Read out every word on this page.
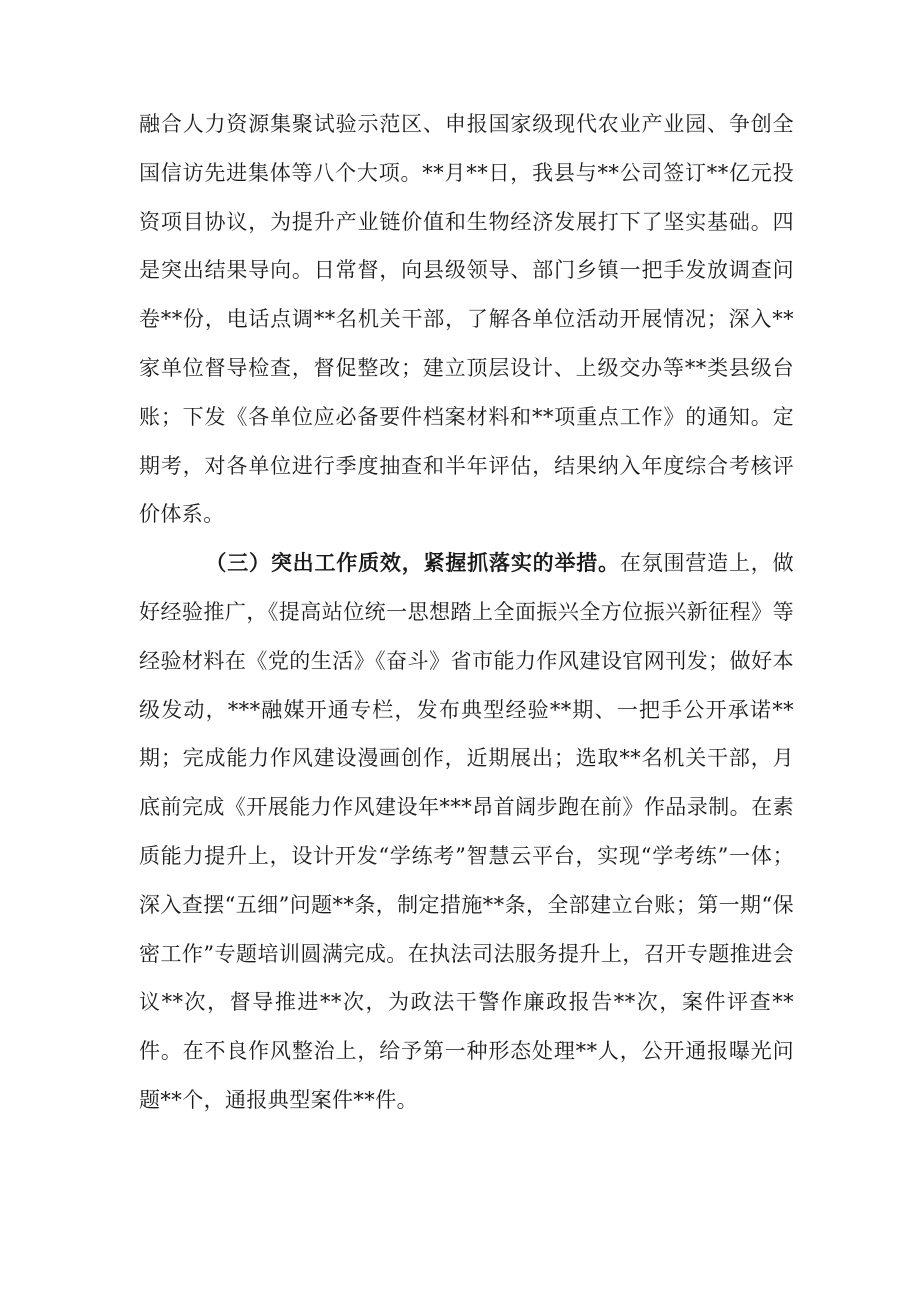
融合人力资源集聚试验示范区、申报国家级现代农业产业园、争创全国信访先进集体等八个大项。**月**日，我县与**公司签订**亿元投资项目协议，为提升产业链价值和生物经济发展打下了坚实基础。四是突出结果导向。日常督，向县级领导、部门乡镇一把手发放调查问卷**份，电话点调**名机关干部，了解各单位活动开展情况；深入**家单位督导检查，督促整改；建立顶层设计、上级交办等**类县级台账；下发《各单位应必备要件档案材料和**项重点工作》的通知。定期考，对各单位进行季度抽查和半年评估，结果纳入年度综合考核评价体系。

（三）突出工作质效，紧握抓落实的举措。在氛围营造上，做好经验推广，《提高站位统一思想踏上全面振兴全方位振兴新征程》等经验材料在《党的生活》《奋斗》省市能力作风建设官网刊发；做好本级发动，***融媒开通专栏，发布典型经验**期、一把手公开承诺**期；完成能力作风建设漫画创作，近期展出；选取**名机关干部，月底前完成《开展能力作风建设年***昂首阔步跑在前》作品录制。在素质能力提升上，设计开发“学练考”智慧云平台，实现“学考练”一体；深入查摆“五细”问题**条，制定措施**条，全部建立台账；第一期“保密工作”专题培训圆满完成。在执法司法服务提升上，召开专题推进会议**次，督导推进**次，为政法干警作廉政报告**次，案件评查**件。在不良作风整治上，给予第一种形态处理**人，公开通报曝光问题**个，通报典型案件**件。
